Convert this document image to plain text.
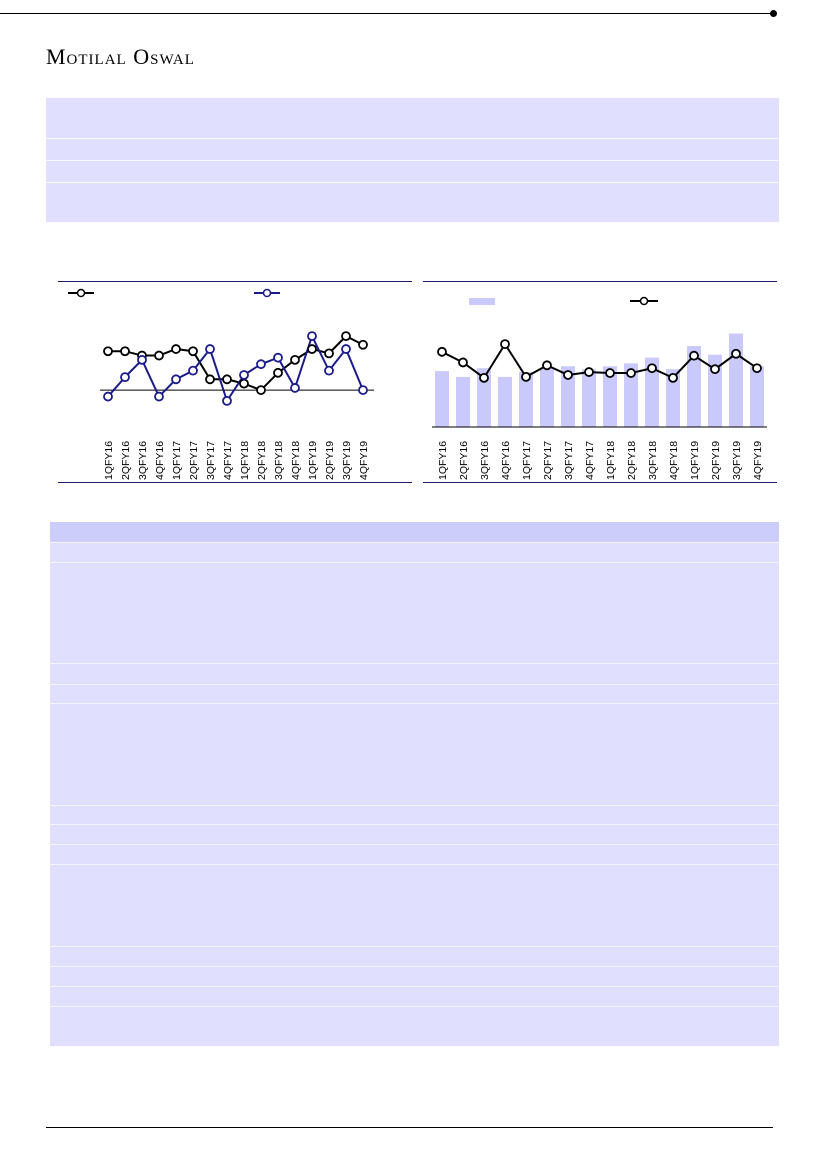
Motilal Oswal
1QFY16 2QFY16 3QFY16 4QFY16 1QFY17 2QFY17 3QFY17 4QFY17 1QFY18 2QFY18 3QFY18 4QFY18 1QFY19 2QFY19 3QFY19 4QFY19	1QFY16 2QFY16 3QFY16 4QFY16 1QFY17 2QFY17 3QFY17 4QFY17 1QFY18 2QFY18 3QFY18 4QFY18 1QFY19 2QFY19 3QFY19 4QFY19
